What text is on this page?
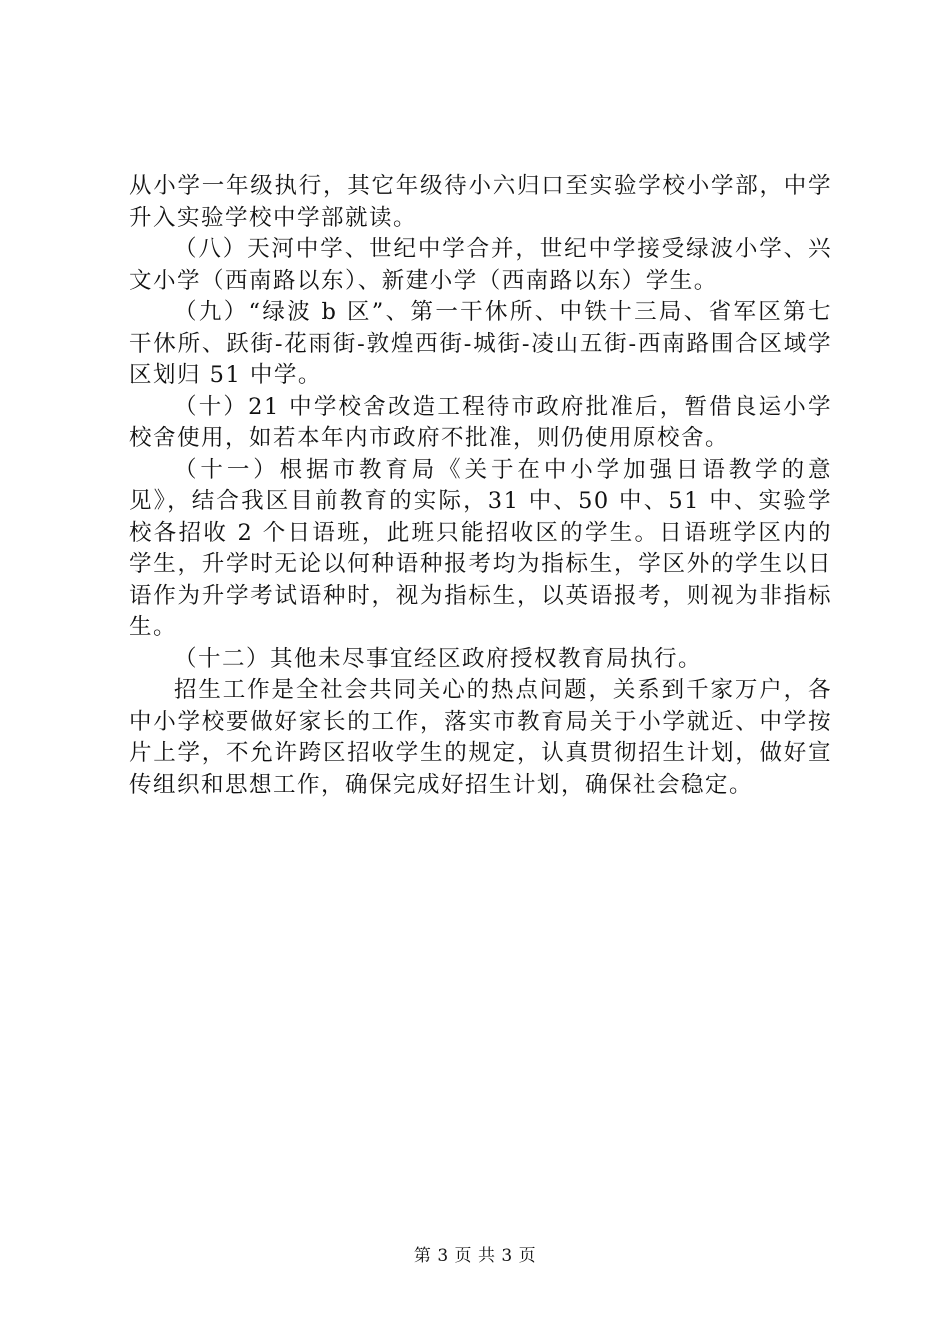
从小学一年级执行，其它年级待小六归口至实验学校小学部，中学升入实验学校中学部就读。

（八）天河中学、世纪中学合并，世纪中学接受绿波小学、兴文小学（西南路以东）、新建小学（西南路以东）学生。

（九）“绿波 b 区”、第一干休所、中铁十三局、省军区第七干休所、跃街-花雨街-敦煌西街-城街-凌山五街-西南路围合区域学区划归 51 中学。

（十）21 中学校舍改造工程待市政府批准后，暂借良运小学校舍使用，如若本年内市政府不批准，则仍使用原校舍。

（十一）根据市教育局《关于在中小学加强日语教学的意见》，结合我区目前教育的实际，31 中、50 中、51 中、实验学校各招收 2 个日语班，此班只能招收区的学生。日语班学区内的学生，升学时无论以何种语种报考均为指标生，学区外的学生以日语作为升学考试语种时，视为指标生，以英语报考，则视为非指标生。

（十二）其他未尽事宜经区政府授权教育局执行。

招生工作是全社会共同关心的热点问题，关系到千家万户，各中小学校要做好家长的工作，落实市教育局关于小学就近、中学按片上学，不允许跨区招收学生的规定，认真贯彻招生计划，做好宣传组织和思想工作，确保完成好招生计划，确保社会稳定。

第 3 页 共 3 页
